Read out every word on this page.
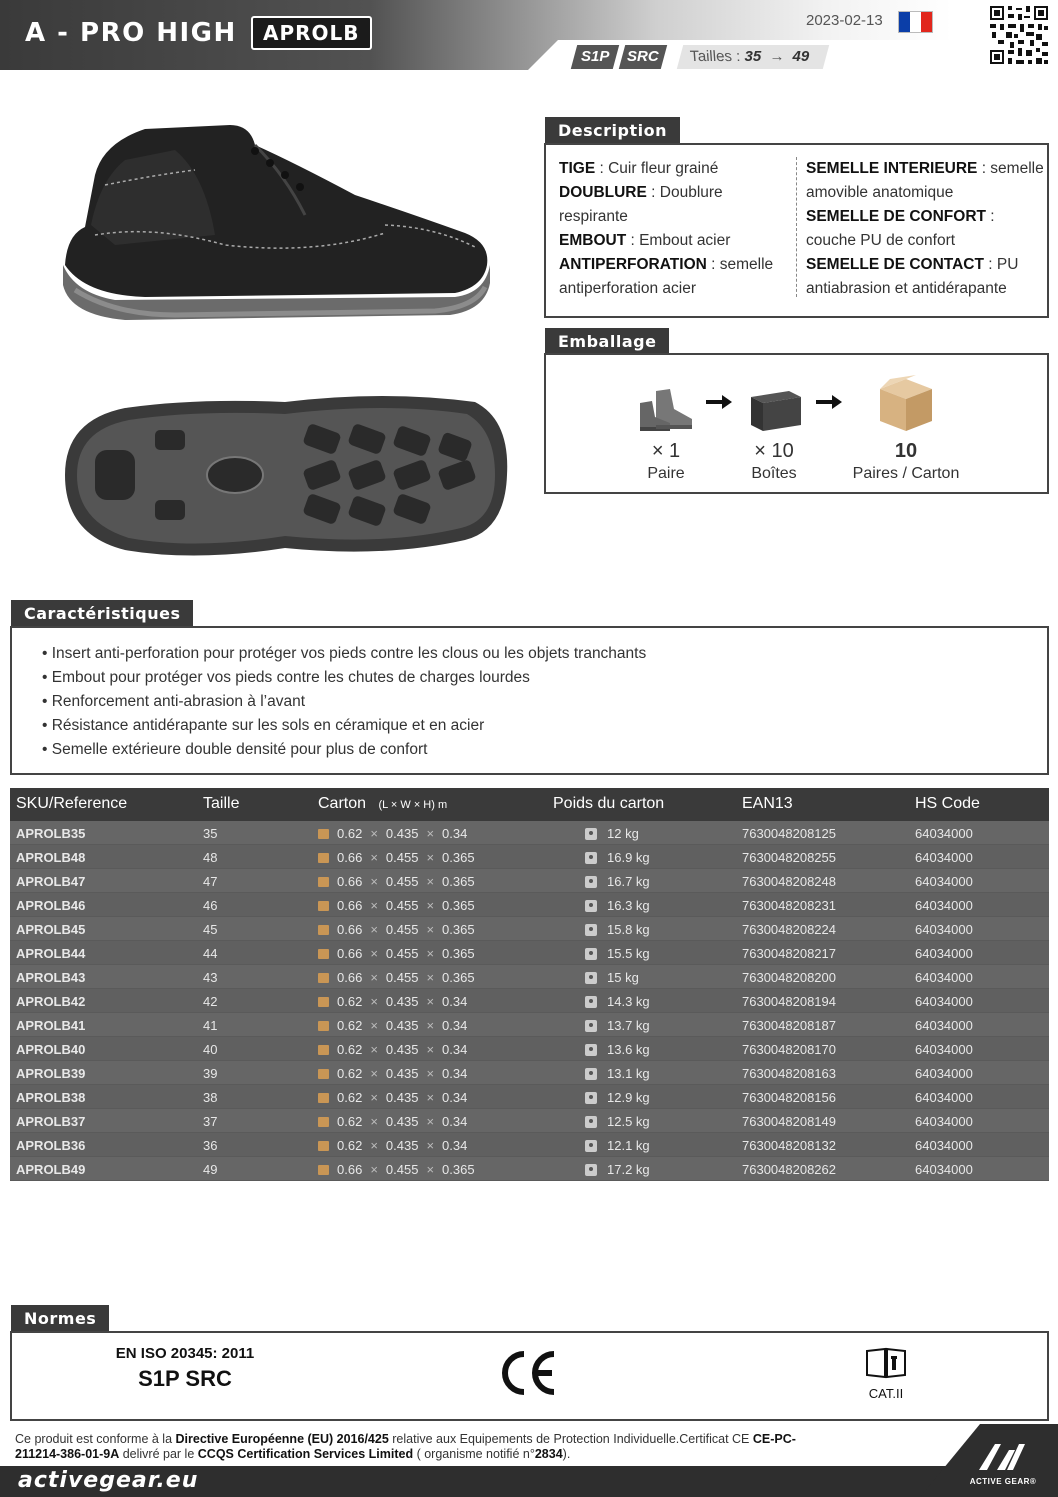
A - PRO HIGH	APROLB
2023-02-13
S1P	SRC	Tailles : 35 → 49
Description

TIGE : Cuir fleur grainé

DOUBLURE : Doublure respirante

EMBOUT : Embout acier

ANTIPERFORATION : semelle antiperforation acier

SEMELLE INTERIEURE : semelle amovible anatomique

SEMELLE DE CONFORT : couche PU de confort

SEMELLE DE CONTACT : PU antiabrasion et antidérapante

Emballage
× 1
Paire
× 10
Boîtes
10
Paires / Carton
Caractéristiques
• Insert anti-perforation pour protéger vos pieds contre les clous ou les objets tranchants
• Embout pour protéger vos pieds contre les chutes de charges lourdes
• Renforcement anti-abrasion à l’avant
• Résistance antidérapante sur les sols en céramique et en acier
• Semelle extérieure double densité pour plus de confort
SKU/Reference	Taille	Carton (L × W × H) m	Poids du carton	EAN13	HS Code
APROLB35	35	0.62 × 0.435 × 0.34	12 kg	7630048208125	64034000
APROLB48	48	0.66 × 0.455 × 0.365	16.9 kg	7630048208255	64034000
APROLB47	47	0.66 × 0.455 × 0.365	16.7 kg	7630048208248	64034000
APROLB46	46	0.66 × 0.455 × 0.365	16.3 kg	7630048208231	64034000
APROLB45	45	0.66 × 0.455 × 0.365	15.8 kg	7630048208224	64034000
APROLB44	44	0.66 × 0.455 × 0.365	15.5 kg	7630048208217	64034000
APROLB43	43	0.66 × 0.455 × 0.365	15 kg	7630048208200	64034000
APROLB42	42	0.62 × 0.435 × 0.34	14.3 kg	7630048208194	64034000
APROLB41	41	0.62 × 0.435 × 0.34	13.7 kg	7630048208187	64034000
APROLB40	40	0.62 × 0.435 × 0.34	13.6 kg	7630048208170	64034000
APROLB39	39	0.62 × 0.435 × 0.34	13.1 kg	7630048208163	64034000
APROLB38	38	0.62 × 0.435 × 0.34	12.9 kg	7630048208156	64034000
APROLB37	37	0.62 × 0.435 × 0.34	12.5 kg	7630048208149	64034000
APROLB36	36	0.62 × 0.435 × 0.34	12.1 kg	7630048208132	64034000
APROLB49	49	0.66 × 0.455 × 0.365	17.2 kg	7630048208262	64034000
Normes
EN ISO 20345: 2011
S1P SRC
CAT.II
Ce produit est conforme à la Directive Européenne (EU) 2016/425 relative aux Equipements de Protection Individuelle.Certificat CE CE-PC-211214-386-01-9A delivré par le CCQS Certification Services Limited ( organisme notifié n°2834).
activegear.eu	ACTIVE GEAR®
